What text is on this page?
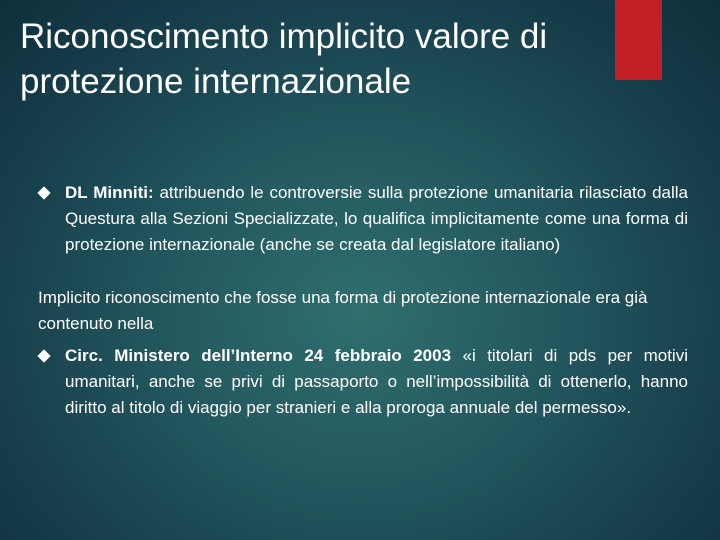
Riconoscimento implicito valore di protezione internazionale
DL Minniti: attribuendo le controversie sulla protezione umanitaria rilasciato dalla Questura alla Sezioni Specializzate, lo qualifica implicitamente come una forma di protezione internazionale (anche se creata dal legislatore italiano)
Implicito riconoscimento che fosse una forma di protezione internazionale era già contenuto nella
Circ. Ministero dell’Interno 24 febbraio 2003 «i titolari di pds per motivi umanitari, anche se privi di passaporto o nell’impossibilità di ottenerlo, hanno diritto al titolo di viaggio per stranieri e alla proroga annuale del permesso».
